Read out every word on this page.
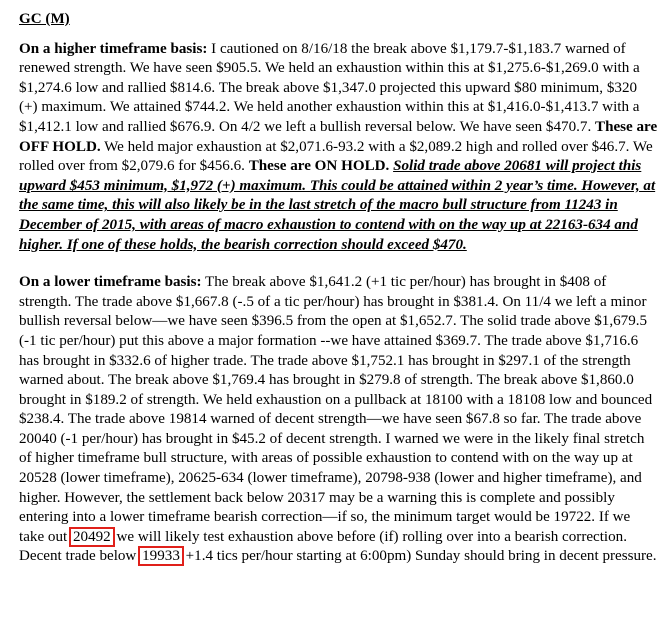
GC (M)

On a higher timeframe basis: I cautioned on 8/16/18 the break above $1,179.7-$1,183.7 warned of renewed strength. We have seen $905.5. We held an exhaustion within this at $1,275.6-$1,269.0 with a $1,274.6 low and rallied $814.6. The break above $1,347.0 projected this upward $80 minimum, $320 (+) maximum. We attained $744.2. We held another exhaustion within this at $1,416.0-$1,413.7 with a $1,412.1 low and rallied $676.9. On 4/2 we left a bullish reversal below. We have seen $470.7. These are OFF HOLD. We held major exhaustion at $2,071.6-93.2 with a $2,089.2 high and rolled over $46.7. We rolled over from $2,079.6 for $456.6. These are ON HOLD. Solid trade above 20681 will project this upward $453 minimum, $1,972 (+) maximum. This could be attained within 2 year’s time. However, at the same time, this will also likely be in the last stretch of the macro bull structure from 11243 in December of 2015, with areas of macro exhaustion to contend with on the way up at 22163-634 and higher. If one of these holds, the bearish correction should exceed $470.

On a lower timeframe basis: The break above $1,641.2 (+1 tic per/hour) has brought in $408 of strength. The trade above $1,667.8 (-.5 of a tic per/hour) has brought in $381.4. On 11/4 we left a minor bullish reversal below—we have seen $396.5 from the open at $1,652.7. The solid trade above $1,679.5 (-1 tic per/hour) put this above a major formation --we have attained $369.7. The trade above $1,716.6 has brought in $332.6 of higher trade. The trade above $1,752.1 has brought in $297.1 of the strength warned about. The break above $1,769.4 has brought in $279.8 of strength. The break above $1,860.0 brought in $189.2 of strength. We held exhaustion on a pullback at 18100 with a 18108 low and bounced $238.4. The trade above 19814 warned of decent strength—we have seen $67.8 so far. The trade above 20040 (-1 per/hour) has brought in $45.2 of decent strength. I warned we were in the likely final stretch of higher timeframe bull structure, with areas of possible exhaustion to contend with on the way up at 20528 (lower timeframe), 20625-634 (lower timeframe), 20798-938 (lower and higher timeframe), and higher. However, the settlement back below 20317 may be a warning this is complete and possibly entering into a lower timeframe bearish correction—if so, the minimum target would be 19722. If we take out 20492 we will likely test exhaustion above before (if) rolling over into a bearish correction. Decent trade below 19933 +1.4 tics per/hour starting at 6:00pm) Sunday should bring in decent pressure.
